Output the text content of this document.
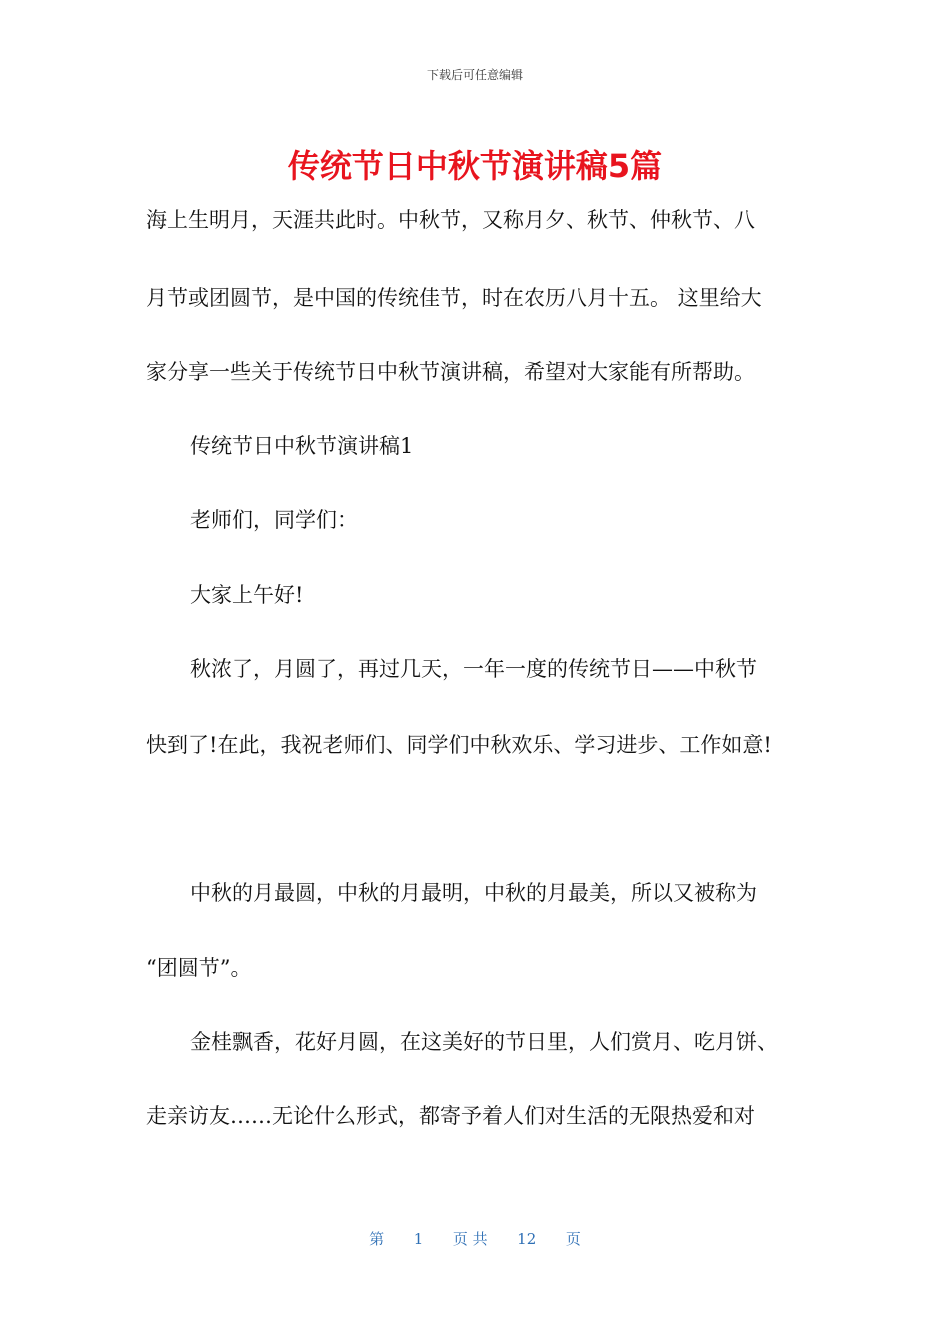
下载后可任意编辑
传统节日中秋节演讲稿5篇

海上生明月，天涯共此时。中秋节，又称月夕、秋节、仲秋节、八

月节或团圆节，是中国的传统佳节，时在农历八月十五。 这里给大

家分享一些关于传统节日中秋节演讲稿，希望对大家能有所帮助。

传统节日中秋节演讲稿1

老师们，同学们：

大家上午好!

秋浓了，月圆了，再过几天，一年一度的传统节日——中秋节

快到了!在此，我祝老师们、同学们中秋欢乐、学习进步、工作如意!

中秋的月最圆，中秋的月最明，中秋的月最美，所以又被称为

“团圆节”。

金桂飘香，花好月圆，在这美好的节日里，人们赏月、吃月饼、

走亲访友……无论什么形式，都寄予着人们对生活的无限热爱和对

第 1 页 共 12 页
